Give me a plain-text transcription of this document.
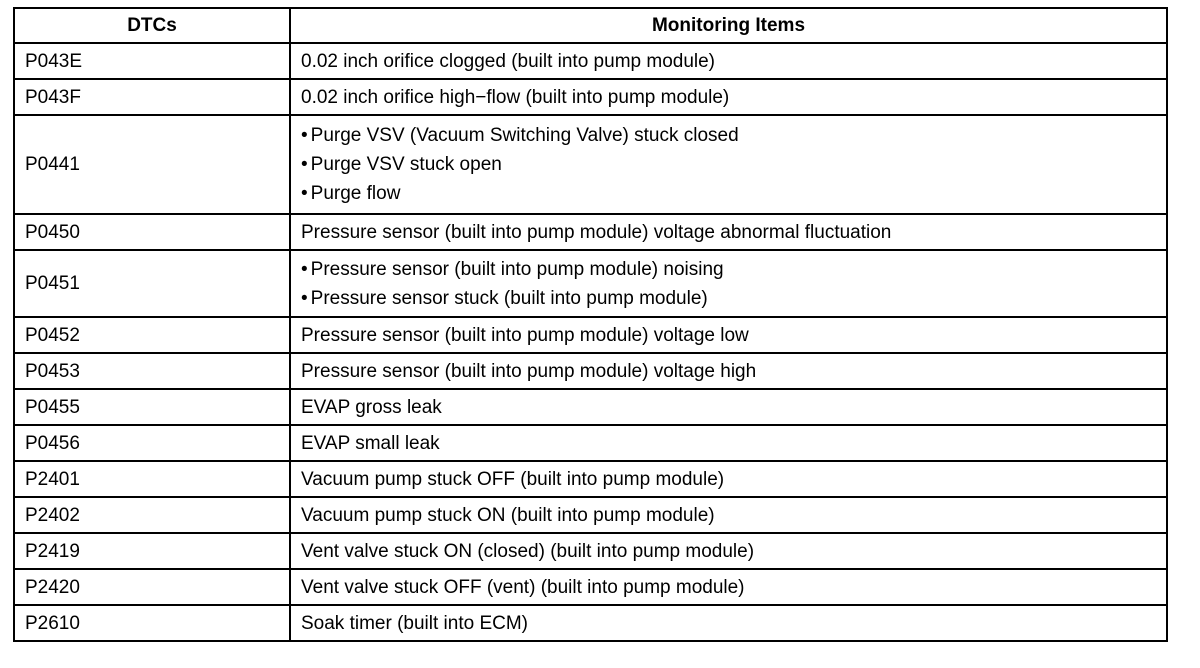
DTCs	Monitoring Items
P043E	0.02 inch orifice clogged (built into pump module)
P043F	0.02 inch orifice high−flow (built into pump module)
P0441	• Purge VSV (Vacuum Switching Valve) stuck closed
• Purge VSV stuck open
• Purge flow

P0450	Pressure sensor (built into pump module) voltage abnormal fluctuation
P0451	• Pressure sensor (built into pump module) noising
• Pressure sensor stuck (built into pump module)

P0452	Pressure sensor (built into pump module) voltage low
P0453	Pressure sensor (built into pump module) voltage high
P0455	EVAP gross leak
P0456	EVAP small leak
P2401	Vacuum pump stuck OFF (built into pump module)
P2402	Vacuum pump stuck ON (built into pump module)
P2419	Vent valve stuck ON (closed) (built into pump module)
P2420	Vent valve stuck OFF (vent) (built into pump module)
P2610	Soak timer (built into ECM)
